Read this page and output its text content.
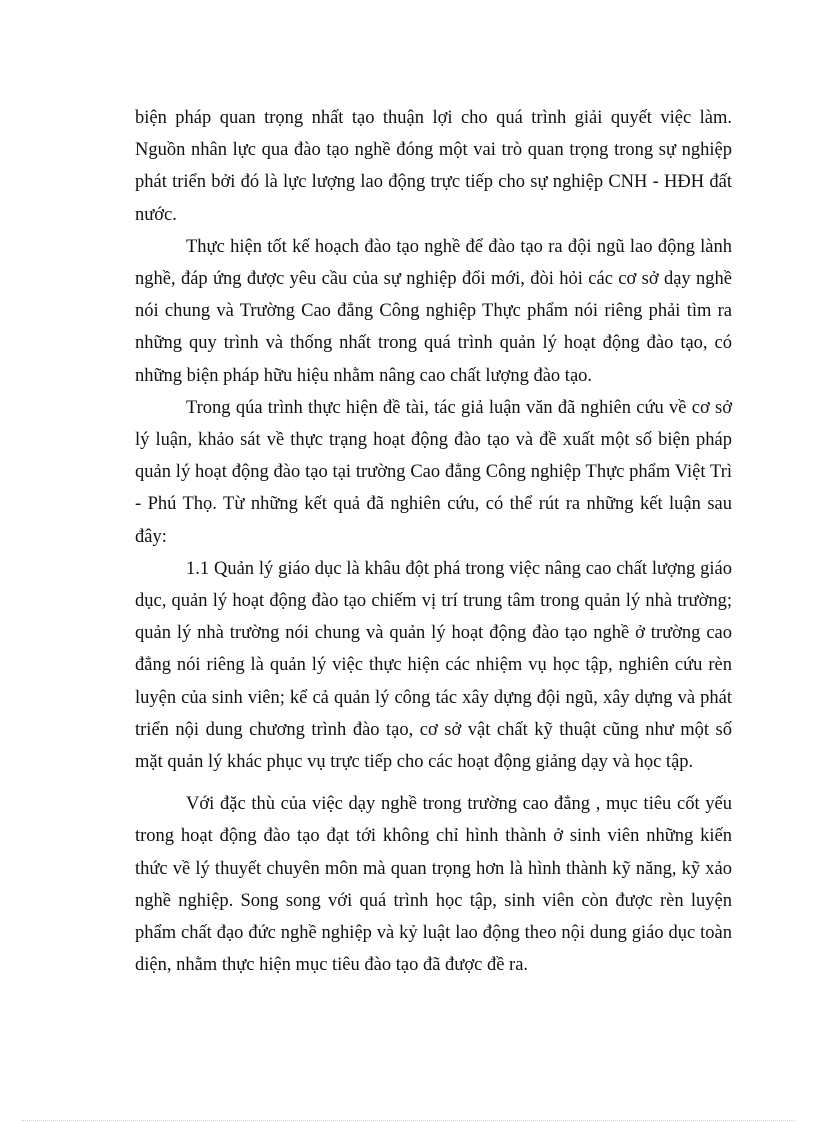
biện pháp quan trọng nhất tạo thuận lợi cho quá trình giải quyết việc làm. Nguồn nhân lực qua đào tạo nghề đóng một vai trò quan trọng trong sự nghiệp phát triển bởi đó là lực lượng lao động trực tiếp cho sự nghiệp CNH - HĐH đất nước.

Thực hiện tốt kế hoạch đào tạo nghề để đào tạo ra đội ngũ lao động lành nghề, đáp ứng được yêu cầu của sự nghiệp đổi mới, đòi hỏi các cơ sở dạy nghề nói chung và Trường Cao đẳng Công nghiệp Thực phẩm nói riêng phải tìm ra những quy trình và thống nhất trong quá trình quản lý hoạt động đào tạo, có những biện pháp hữu hiệu nhằm nâng cao chất lượng đào tạo.

Trong qúa trình thực hiện đề tài, tác giả luận văn đã nghiên cứu về cơ sở lý luận, khảo sát về thực trạng hoạt động đào tạo và đề xuất một số biện pháp quản lý hoạt động đào tạo tại trường Cao đẳng Công nghiệp Thực phẩm Việt Trì - Phú Thọ. Từ những kết quả đã nghiên cứu, có thể rút ra những kết luận sau đây:

1.1 Quản lý giáo dục là khâu đột phá trong việc nâng cao chất lượng giáo dục, quản lý hoạt động đào tạo chiếm vị trí trung tâm trong quản lý nhà trường; quản lý nhà trường nói chung và quản lý hoạt động đào tạo nghề ở trường cao đẳng nói riêng là quản lý việc thực hiện các nhiệm vụ học tập, nghiên cứu rèn luyện của sinh viên; kể cả quản lý công tác xây dựng đội ngũ, xây dựng và phát triển nội dung chương trình đào tạo, cơ sở vật chất kỹ thuật cũng như một số mặt quản lý khác phục vụ trực tiếp cho các hoạt động giảng dạy và học tập.

Với đặc thù của việc dạy nghề trong trường cao đẳng , mục tiêu cốt yếu trong hoạt động đào tạo đạt tới không chỉ hình thành ở sinh viên những kiến thức về lý thuyết chuyên môn mà quan trọng hơn là hình thành kỹ năng, kỹ xảo nghề nghiệp. Song song với quá trình học tập, sinh viên còn được rèn luyện phẩm chất đạo đức nghề nghiệp và kỷ luật lao động theo nội dung giáo dục toàn diện, nhằm thực hiện mục tiêu đào tạo đã được đề ra.
